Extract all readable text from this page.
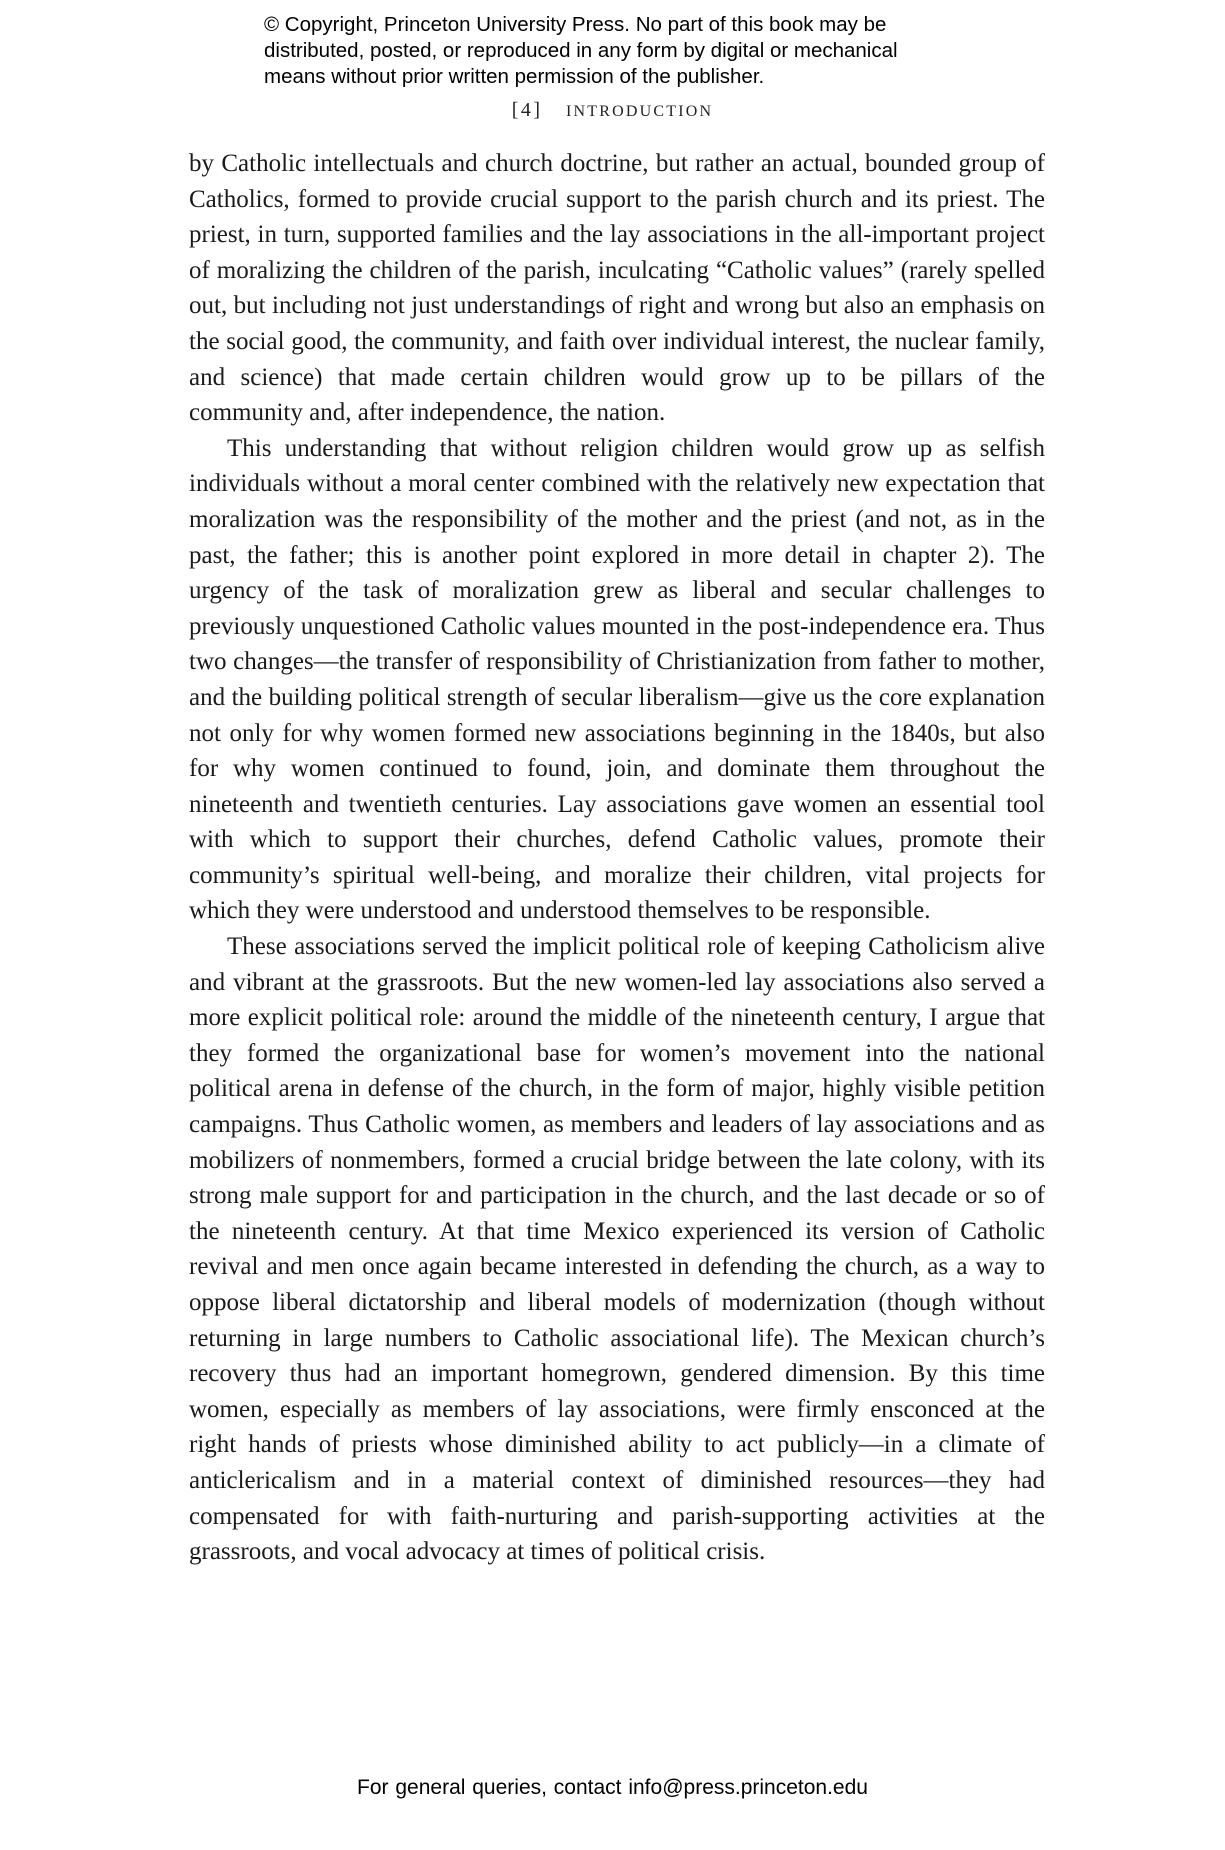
© Copyright, Princeton University Press. No part of this book may be
distributed, posted, or reproduced in any form by digital or mechanical
means without prior written permission of the publisher.
[4] introduction

by Catholic intellectuals and church doctrine, but rather an actual, bounded group of Catholics, formed to provide crucial support to the parish church and its priest. The priest, in turn, supported families and the lay associations in the all-important project of moralizing the children of the parish, inculcating “Catholic values” (rarely spelled out, but including not just understandings of right and wrong but also an emphasis on the social good, the community, and faith over individual interest, the nuclear family, and science) that made certain children would grow up to be pillars of the community and, after independence, the nation.

This understanding that without religion children would grow up as selfish individuals without a moral center combined with the relatively new expectation that moralization was the responsibility of the mother and the priest (and not, as in the past, the father; this is another point explored in more detail in chapter 2). The urgency of the task of moralization grew as liberal and secular challenges to previously unquestioned Catholic values mounted in the post-independence era. Thus two changes—the transfer of responsibility of Christianization from father to mother, and the building political strength of secular liberalism—give us the core explanation not only for why women formed new associations beginning in the 1840s, but also for why women continued to found, join, and dominate them throughout the nineteenth and twentieth centuries. Lay associations gave women an essential tool with which to support their churches, defend Catholic values, promote their community’s spiritual well-being, and moralize their children, vital projects for which they were understood and understood themselves to be responsible.

These associations served the implicit political role of keeping Catholicism alive and vibrant at the grassroots. But the new women-led lay associations also served a more explicit political role: around the middle of the nineteenth century, I argue that they formed the organizational base for women’s movement into the national political arena in defense of the church, in the form of major, highly visible petition campaigns. Thus Catholic women, as members and leaders of lay associations and as mobilizers of nonmembers, formed a crucial bridge between the late colony, with its strong male support for and participation in the church, and the last decade or so of the nineteenth century. At that time Mexico experienced its version of Catholic revival and men once again became interested in defending the church, as a way to oppose liberal dictatorship and liberal models of modernization (though without returning in large numbers to Catholic associational life). The Mexican church’s recovery thus had an important homegrown, gendered dimension. By this time women, especially as members of lay associations, were firmly ensconced at the right hands of priests whose diminished ability to act publicly—in a climate of anticlericalism and in a material context of diminished resources—they had compensated for with faith-nurturing and parish-supporting activities at the grassroots, and vocal advocacy at times of political crisis.

For general queries, contact info@press.princeton.edu
